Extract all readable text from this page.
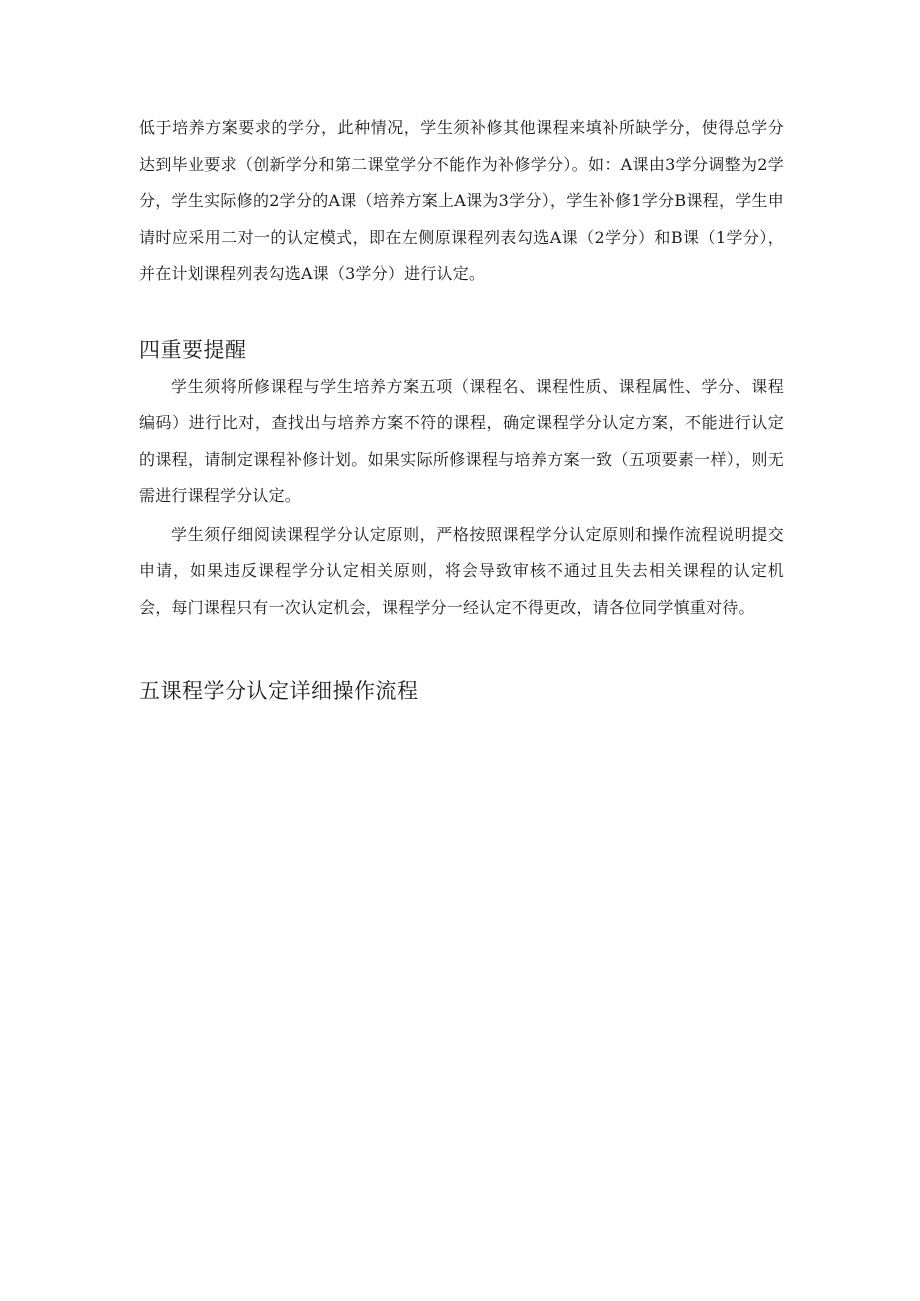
低于培养方案要求的学分，此种情况，学生须补修其他课程来填补所缺学分，使得总学分达到毕业要求（创新学分和第二课堂学分不能作为补修学分）。如：A课由3学分调整为2学分，学生实际修的2学分的A课（培养方案上A课为3学分），学生补修1学分B课程，学生申请时应采用二对一的认定模式，即在左侧原课程列表勾选A课（2学分）和B课（1学分），并在计划课程列表勾选A课（3学分）进行认定。

四重要提醒

学生须将所修课程与学生培养方案五项（课程名、课程性质、课程属性、学分、课程编码）进行比对，查找出与培养方案不符的课程，确定课程学分认定方案，不能进行认定的课程，请制定课程补修计划。如果实际所修课程与培养方案一致（五项要素一样），则无需进行课程学分认定。

学生须仔细阅读课程学分认定原则，严格按照课程学分认定原则和操作流程说明提交申请，如果违反课程学分认定相关原则，将会导致审核不通过且失去相关课程的认定机会，每门课程只有一次认定机会，课程学分一经认定不得更改，请各位同学慎重对待。

五课程学分认定详细操作流程
